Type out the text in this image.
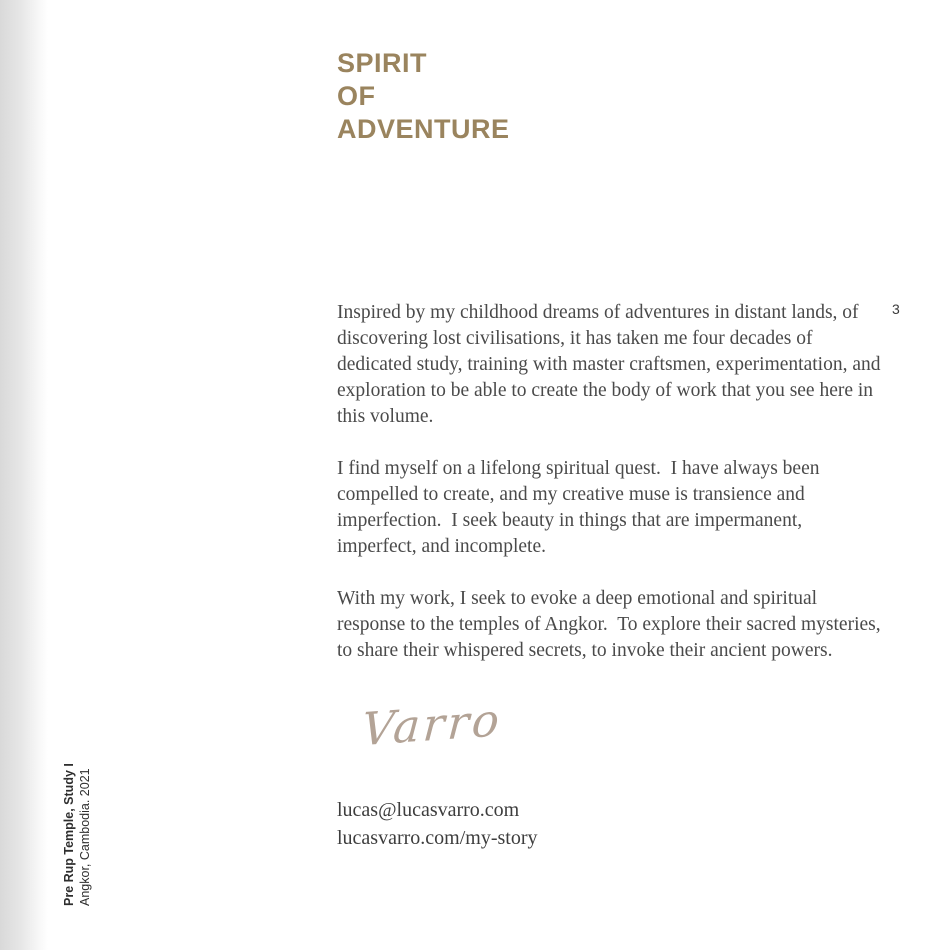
SPIRIT
OF
ADVENTURE
3

Inspired by my childhood dreams of adventures in distant lands, of discovering lost civilisations, it has taken me four decades of dedicated study, training with master craftsmen, experimentation, and exploration to be able to create the body of work that you see here in this volume.

I find myself on a lifelong spiritual quest.  I have always been compelled to create, and my creative muse is transience and imperfection.  I seek beauty in things that are impermanent, imperfect, and incomplete.

With my work, I seek to evoke a deep emotional and spiritual response to the temples of Angkor.  To explore their sacred mysteries, to share their whispered secrets, to invoke their ancient powers.

Varro
lucas@lucasvarro.com
lucasvarro.com/my-story
Pre Rup Temple, Study I Angkor, Cambodia. 2021
